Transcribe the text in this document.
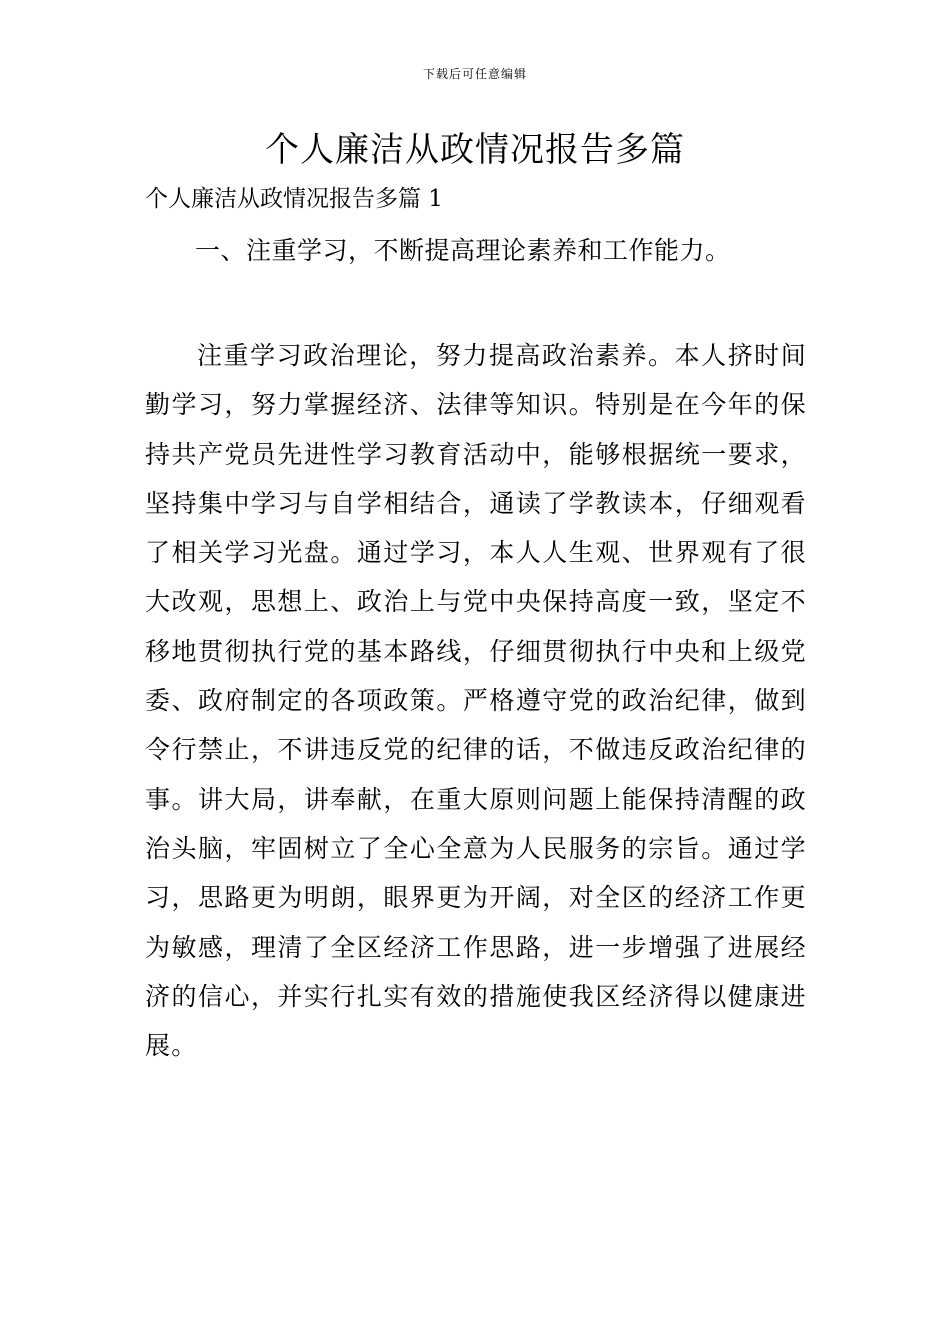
下载后可任意编辑
个人廉洁从政情况报告多篇
个人廉洁从政情况报告多篇 1

一、注重学习，不断提高理论素养和工作能力。

注重学习政治理论，努力提高政治素养。本人挤时间勤学习，努力掌握经济、法律等知识。特别是在今年的保持共产党员先进性学习教育活动中，能够根据统一要求，坚持集中学习与自学相结合，通读了学教读本，仔细观看了相关学习光盘。通过学习，本人人生观、世界观有了很大改观，思想上、政治上与党中央保持高度一致，坚定不移地贯彻执行党的基本路线，仔细贯彻执行中央和上级党委、政府制定的各项政策。严格遵守党的政治纪律，做到令行禁止，不讲违反党的纪律的话，不做违反政治纪律的事。讲大局，讲奉献，在重大原则问题上能保持清醒的政治头脑，牢固树立了全心全意为人民服务的宗旨。通过学习，思路更为明朗，眼界更为开阔，对全区的经济工作更为敏感，理清了全区经济工作思路，进一步增强了进展经济的信心，并实行扎实有效的措施使我区经济得以健康进展。
